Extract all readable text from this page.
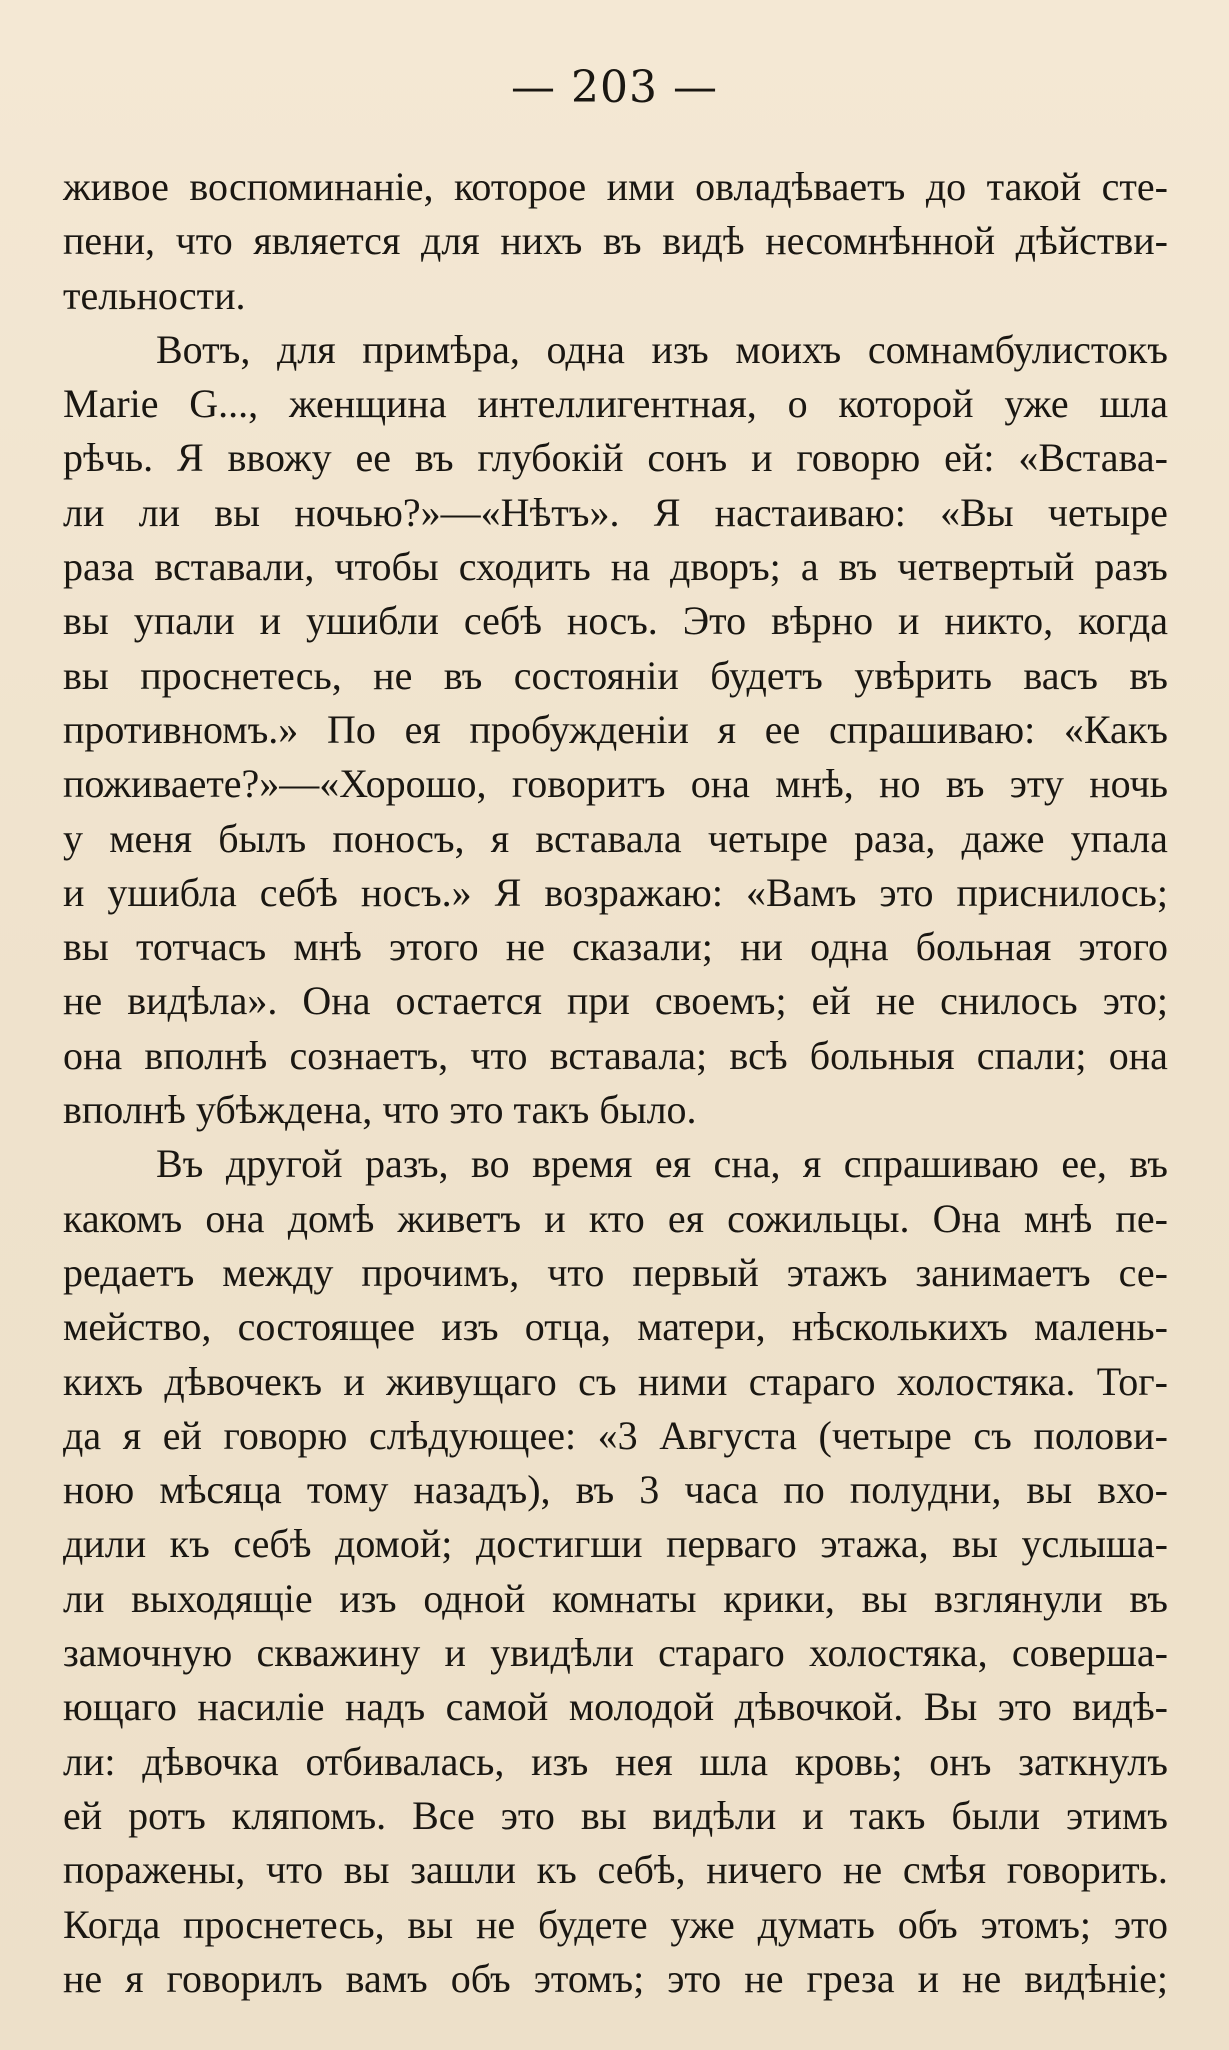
— 203 —
живое воспоминаніе, которое ими овладѣваетъ до такой сте-
пени, что является для нихъ въ видѣ несомнѣнной дѣйстви-
тельности.
Вотъ, для примѣра, одна изъ моихъ сомнамбулистокъ
Marie G..., женщина интеллигентная, о которой уже шла
рѣчь. Я ввожу ее въ глубокій сонъ и говорю ей: «Встава-
ли ли вы ночью?»—«Нѣтъ». Я настаиваю: «Вы четыре
раза вставали, чтобы сходить на дворъ; а въ четвертый разъ
вы упали и ушибли себѣ носъ. Это вѣрно и никто, когда
вы проснетесь, не въ состояніи будетъ увѣрить васъ въ
противномъ.» По ея пробужденіи я ее спрашиваю: «Какъ
поживаете?»—«Хорошо, говоритъ она мнѣ, но въ эту ночь
у меня былъ поносъ, я вставала четыре раза, даже упала
и ушибла себѣ носъ.» Я возражаю: «Вамъ это приснилось;
вы тотчасъ мнѣ этого не сказали; ни одна больная этого
не видѣла». Она остается при своемъ; ей не снилось это;
она вполнѣ сознаетъ, что вставала; всѣ больныя спали; она
вполнѣ убѣждена, что это такъ было.
Въ другой разъ, во время ея сна, я спрашиваю ее, въ
какомъ она домѣ живетъ и кто ея сожильцы. Она мнѣ пе-
редаетъ между прочимъ, что первый этажъ занимаетъ се-
мейство, состоящее изъ отца, матери, нѣсколькихъ малень-
кихъ дѣвочекъ и живущаго съ ними стараго холостяка. Тог-
да я ей говорю слѣдующее: «3 Августа (четыре съ полови-
ною мѣсяца тому назадъ), въ 3 часа по полудни, вы вхо-
дили къ себѣ домой; достигши перваго этажа, вы услыша-
ли выходящіе изъ одной комнаты крики, вы взглянули въ
замочную скважину и увидѣли стараго холостяка, соверша-
ющаго насиліе надъ самой молодой дѣвочкой. Вы это видѣ-
ли: дѣвочка отбивалась, изъ нея шла кровь; онъ заткнулъ
ей ротъ кляпомъ. Все это вы видѣли и такъ были этимъ
поражены, что вы зашли къ себѣ, ничего не смѣя говорить.
Когда проснетесь, вы не будете уже думать объ этомъ; это
не я говорилъ вамъ объ этомъ; это не греза и не видѣніе;
